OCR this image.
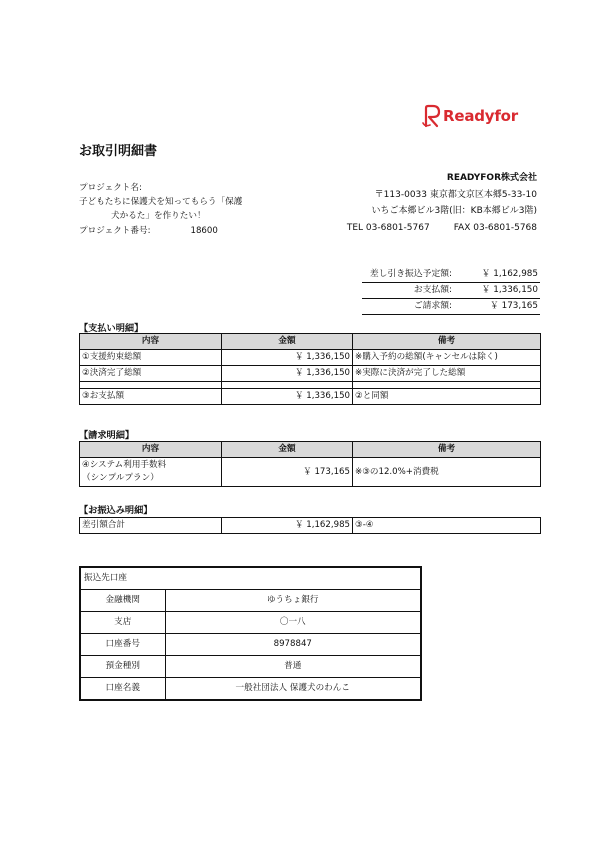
Readyfor
お取引明細書
READYFOR株式会社
〒113-0033 東京都文京区本郷5-33-10
いちご本郷ビル3階(旧：KB本郷ビル3階)
TEL 03-6801-5767	FAX 03-6801-5768
プロジェクト名:
子どもたちに保護犬を知ってもらう「保護
犬かるた」を作りたい！
プロジェクト番号:	18600
差し引き振込予定額:	￥ 1,162,985
お支払額:	￥ 1,336,150
ご請求額:	￥ 173,165
【支払い明細】
内容	金額	備考
①支援約束総額	￥ 1,336,150	※購入予約の総額(キャンセルは除く)
②決済完了総額	￥ 1,336,150	※実際に決済が完了した総額

③お支払額	￥ 1,336,150	②と同額
【請求明細】
内容	金額	備考

④システム利用手数料
（シンプルプラン）	￥ 173,165	※③の12.0%+消費税
【お振込み明細】
差引額合計	￥ 1,162,985	③-④
振込先口座	
金融機関	ゆうちょ銀行
支店	〇一八
口座番号	8978847
預金種別	普通
口座名義	一般社団法人 保護犬のわんこ
